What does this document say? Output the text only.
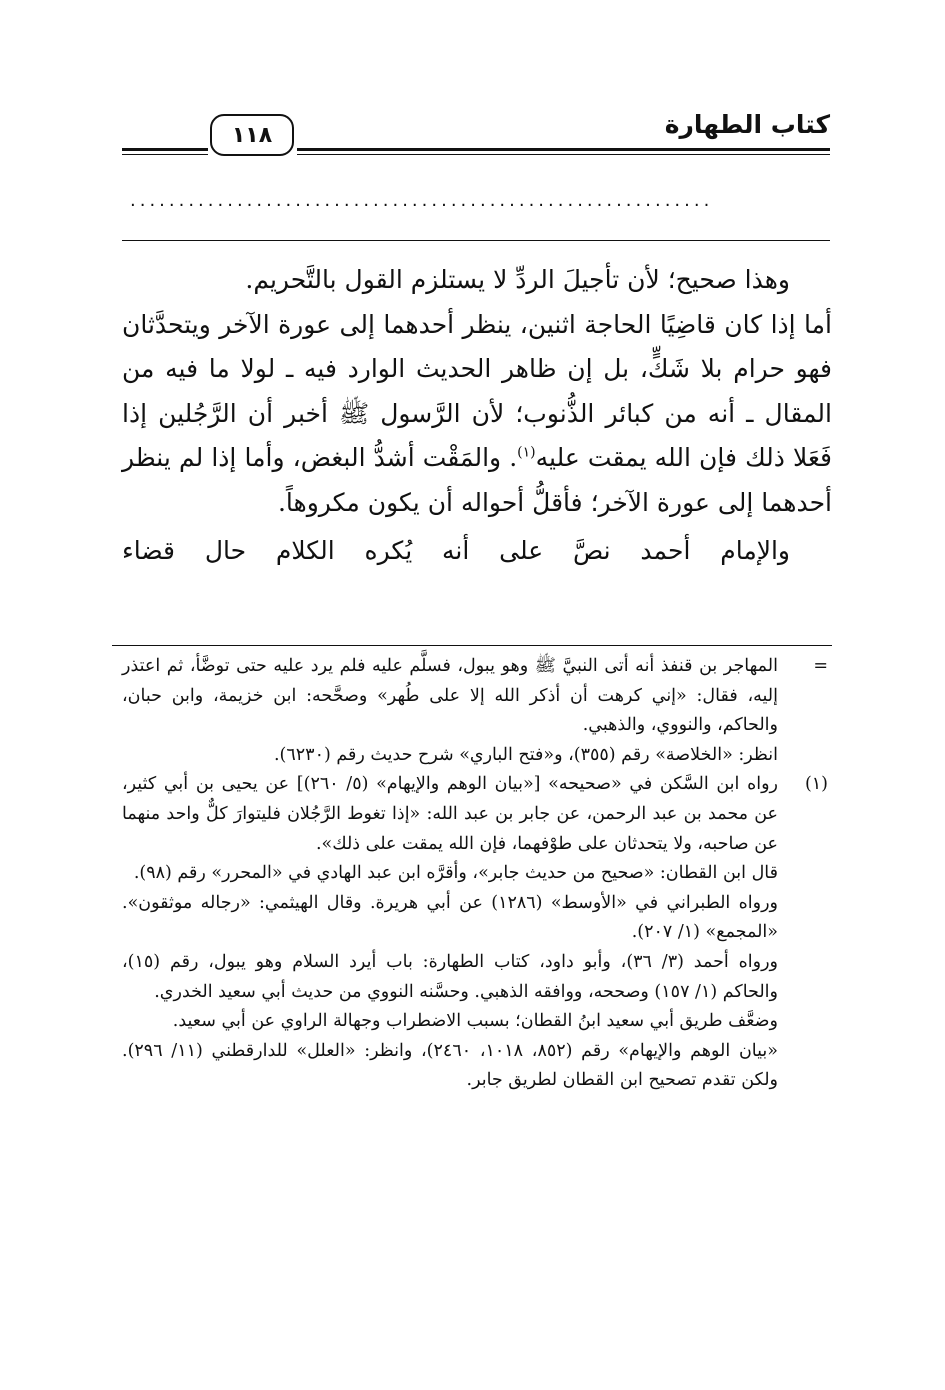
كتاب الطهارة
١١٨
............................................................

وهذا صحيح؛ لأن تأجيلَ الردِّ لا يستلزم القول بالتَّحريم.

أما إذا كان قاضِيًا الحاجة اثنين، ينظر أحدهما إلى عورة الآخر ويتحدَّثان فهو حرام بلا شَكٍّ، بل إن ظاهر الحديث الوارد فيه ـ لولا ما فيه من المقال ـ أنه من كبائر الذُّنوب؛ لأن الرَّسول ﷺ أخبر أن الرَّجُلين إذا فَعَلا ذلك فإن الله يمقت عليه$^{(١)}$. والمَقْت أشدُّ البغض، وأما إذا لم ينظر أحدهما إلى عورة الآخر؛ فأقلُّ أحواله أن يكون مكروهاً.

والإمام أحمد نصَّ على أنه يُكره الكلام حال قضاء

=

المهاجر بن قنفذ أنه أتى النبيَّ ﷺ وهو يبول، فسلَّم عليه فلم يرد عليه حتى توضَّأ، ثم اعتذر إليه، فقال: «إني كرهت أن أذكر الله إلا على طُهر» وصحَّحه: ابن خزيمة، وابن حبان، والحاكم، والنووي، والذهبي.

انظر: «الخلاصة» رقم (٣٥٥)، و«فتح الباري» شرح حديث رقم (٦٢٣٠).

(١)

رواه ابن السَّكن في «صحيحه» [«بيان الوهم والإيهام» (٥/ ٢٦٠)] عن يحيى بن أبي كثير، عن محمد بن عبد الرحمن، عن جابر بن عبد الله: «إذا تغوط الرَّجُلان فليتوارَ كلٌّ واحد منهما عن صاحبه، ولا يتحدثان على طوْفهما، فإن الله يمقت على ذلك».

قال ابن القطان: «صحيح من حديث جابر»، وأقرَّه ابن عبد الهادي في «المحرر» رقم (٩٨).

ورواه الطبراني في «الأوسط» (١٢٨٦) عن أبي هريرة. وقال الهيثمي: «رجاله موثقون». «المجمع» (١/ ٢٠٧).

ورواه أحمد (٣/ ٣٦)، وأبو داود، كتاب الطهارة: باب أيرد السلام وهو يبول، رقم (١٥)، والحاكم (١/ ١٥٧) وصححه، ووافقه الذهبي. وحسَّنه النووي من حديث أبي سعيد الخدري.

وضعَّف طريق أبي سعيد ابنُ القطان؛ بسبب الاضطراب وجهالة الراوي عن أبي سعيد.

«بيان الوهم والإيهام» رقم (٨٥٢، ١٠١٨، ٢٤٦٠)، وانظر: «العلل» للدارقطني (١١/ ٢٩٦). ولكن تقدم تصحيح ابن القطان لطريق جابر.
